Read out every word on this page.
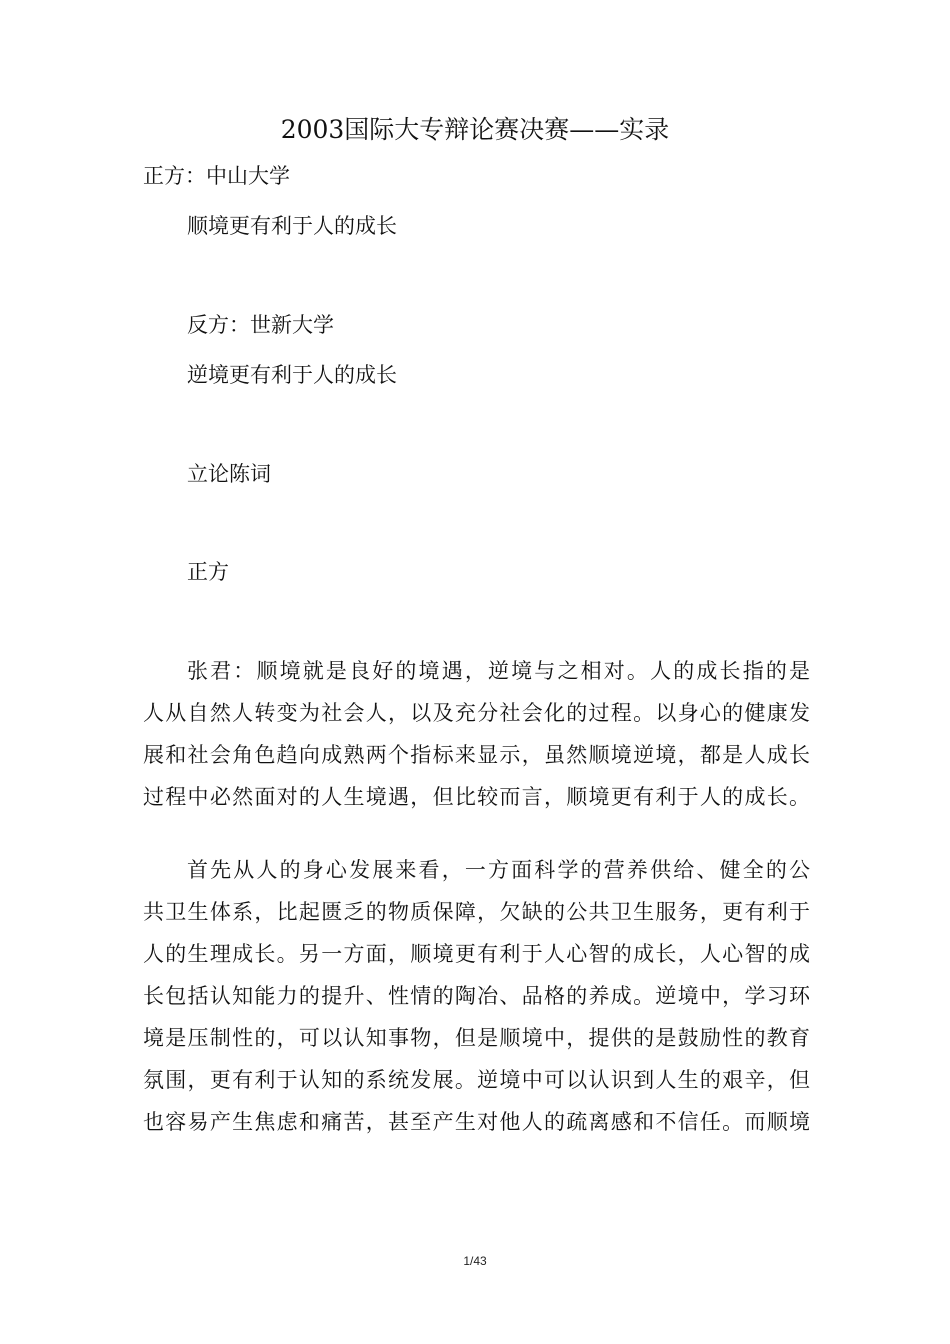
2003国际大专辩论赛决赛——实录
正方：中山大学
顺境更有利于人的成长
反方：世新大学
逆境更有利于人的成长
立论陈词
正方
张君：顺境就是良好的境遇，逆境与之相对。人的成长指的是
人从自然人转变为社会人，以及充分社会化的过程。以身心的健康发
展和社会角色趋向成熟两个指标来显示，虽然顺境逆境，都是人成长
过程中必然面对的人生境遇，但比较而言，顺境更有利于人的成长。
首先从人的身心发展来看，一方面科学的营养供给、健全的公
共卫生体系，比起匮乏的物质保障，欠缺的公共卫生服务，更有利于
人的生理成长。另一方面，顺境更有利于人心智的成长，人心智的成
长包括认知能力的提升、性情的陶冶、品格的养成。逆境中，学习环
境是压制性的，可以认知事物，但是顺境中，提供的是鼓励性的教育
氛围，更有利于认知的系统发展。逆境中可以认识到人生的艰辛，但
也容易产生焦虑和痛苦，甚至产生对他人的疏离感和不信任。而顺境
1/43
